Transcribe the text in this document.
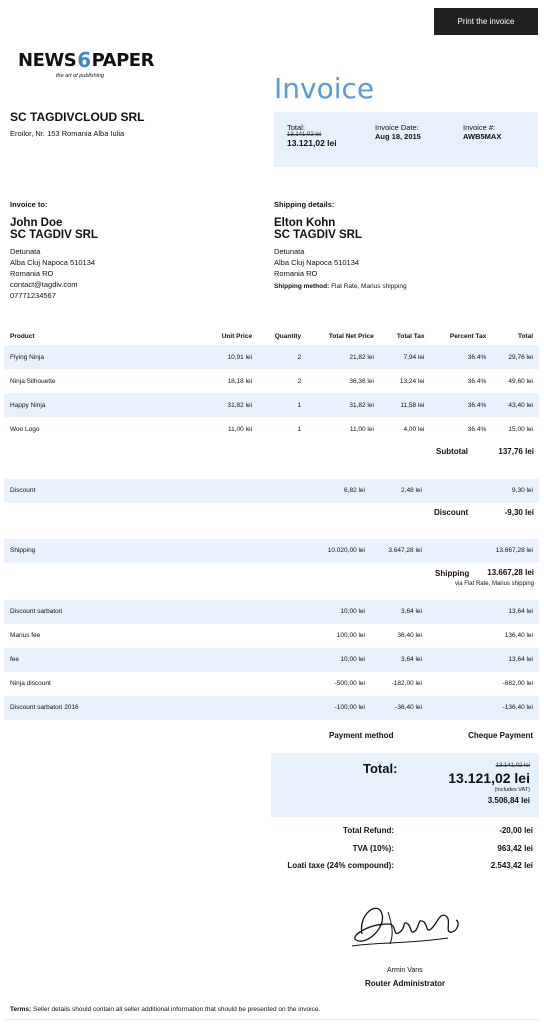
Print the invoice
NEWS 6 PAPER
the art of publishing
SC TAGDIVCLOUD SRL
Eroilor, Nr. 153 Romania Alba Iulia
Invoice
Total:
13.141,02 lei
13.121,02 lei
Invoice Date:
Aug 18, 2015
Invoice #:
AWB5MAX
Invoice to:
John Doe
SC TAGDIV SRL
Detunata
Alba Cluj Napoca 510134
Romania RO
contact@tagdiv.com
07771234567
Shipping details:
Elton Kohn
SC TAGDIV SRL
Detunata
Alba Cluj Napoca 510134
Romania RO
Shipping method: Flat Rate, Marius shipping
Product	Unit Price	Quantity	Total Net Price	Total Tax	Percent Tax	Total
Flying Ninja	10,91 lei	2	21,82 lei	7,94 lei	36.4%	29,76 lei
Ninja Silhouette	18,18 lei	2	36,36 lei	13,24 lei	36.4%	49,60 lei
Happy Ninja	31,82 lei	1	31,82 lei	11,58 lei	36.4%	43,40 lei
Woo Logo	11,00 lei	1	11,00 lei	4,00 lei	36.4%	15,00 lei
Subtotal	137,76 lei
Discount	6,82 lei	2,48 lei	9,30 lei
Discount	-9,30 lei
Shipping	10.020,00 lei	3.647,28 lei	13.667,28 lei
Shipping 13.667,28 lei
via Flat Rate, Marius shipping
Discount sarbatori	10,00 lei	3,64 lei	13,64 lei
Marius fee	100,00 lei	36,40 lei	136,40 lei
fee	10,00 lei	3,64 lei	13,64 lei
Ninja discount	-500,00 lei	-182,00 lei	-682,00 lei
Discount sarbatori 2016	-100,00 lei	-36,40 lei	-136,40 lei
Payment method	Cheque Payment
Total:	13.141,02 lei
13.121,02 lei
(Includes VAT)
3.506,84 lei
Total Refund:	-20,00 lei
TVA (10%):	963,42 lei
Loati taxe (24% compound):	2.543,42 lei
Armin Vans
Router Administrator
Terms: Seller details should contain all seller additional information that should be presented on the invoice.
